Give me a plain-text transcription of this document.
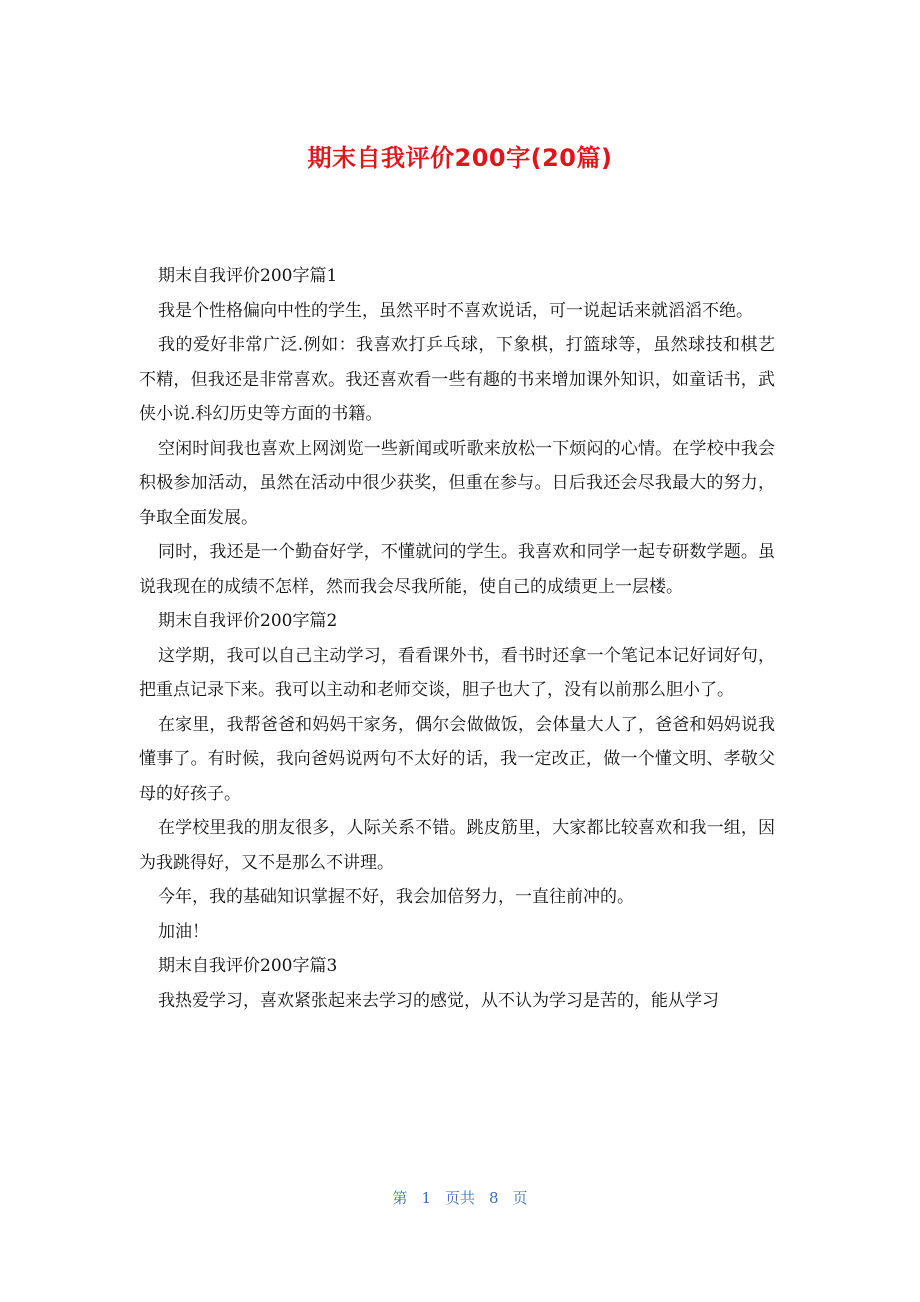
期末自我评价200字(20篇)

期末自我评价200字篇1

我是个性格偏向中性的学生，虽然平时不喜欢说话，可一说起话来就滔滔不绝。

我的爱好非常广泛.例如：我喜欢打乒乓球，下象棋，打篮球等，虽然球技和棋艺不精，但我还是非常喜欢。我还喜欢看一些有趣的书来增加课外知识，如童话书，武侠小说.科幻历史等方面的书籍。

空闲时间我也喜欢上网浏览一些新闻或听歌来放松一下烦闷的心情。在学校中我会积极参加活动，虽然在活动中很少获奖，但重在参与。日后我还会尽我最大的努力，争取全面发展。

同时，我还是一个勤奋好学，不懂就问的学生。我喜欢和同学一起专研数学题。虽说我现在的成绩不怎样，然而我会尽我所能，使自己的成绩更上一层楼。

期末自我评价200字篇2

这学期，我可以自己主动学习，看看课外书，看书时还拿一个笔记本记好词好句，把重点记录下来。我可以主动和老师交谈，胆子也大了，没有以前那么胆小了。

在家里，我帮爸爸和妈妈干家务，偶尔会做做饭，会体量大人了，爸爸和妈妈说我懂事了。有时候，我向爸妈说两句不太好的话，我一定改正，做一个懂文明、孝敬父母的好孩子。

在学校里我的朋友很多，人际关系不错。跳皮筋里，大家都比较喜欢和我一组，因为我跳得好，又不是那么不讲理。

今年，我的基础知识掌握不好，我会加倍努力，一直往前冲的。

加油！

期末自我评价200字篇3

我热爱学习，喜欢紧张起来去学习的感觉，从不认为学习是苦的，能从学习

第 1 页共 8 页
